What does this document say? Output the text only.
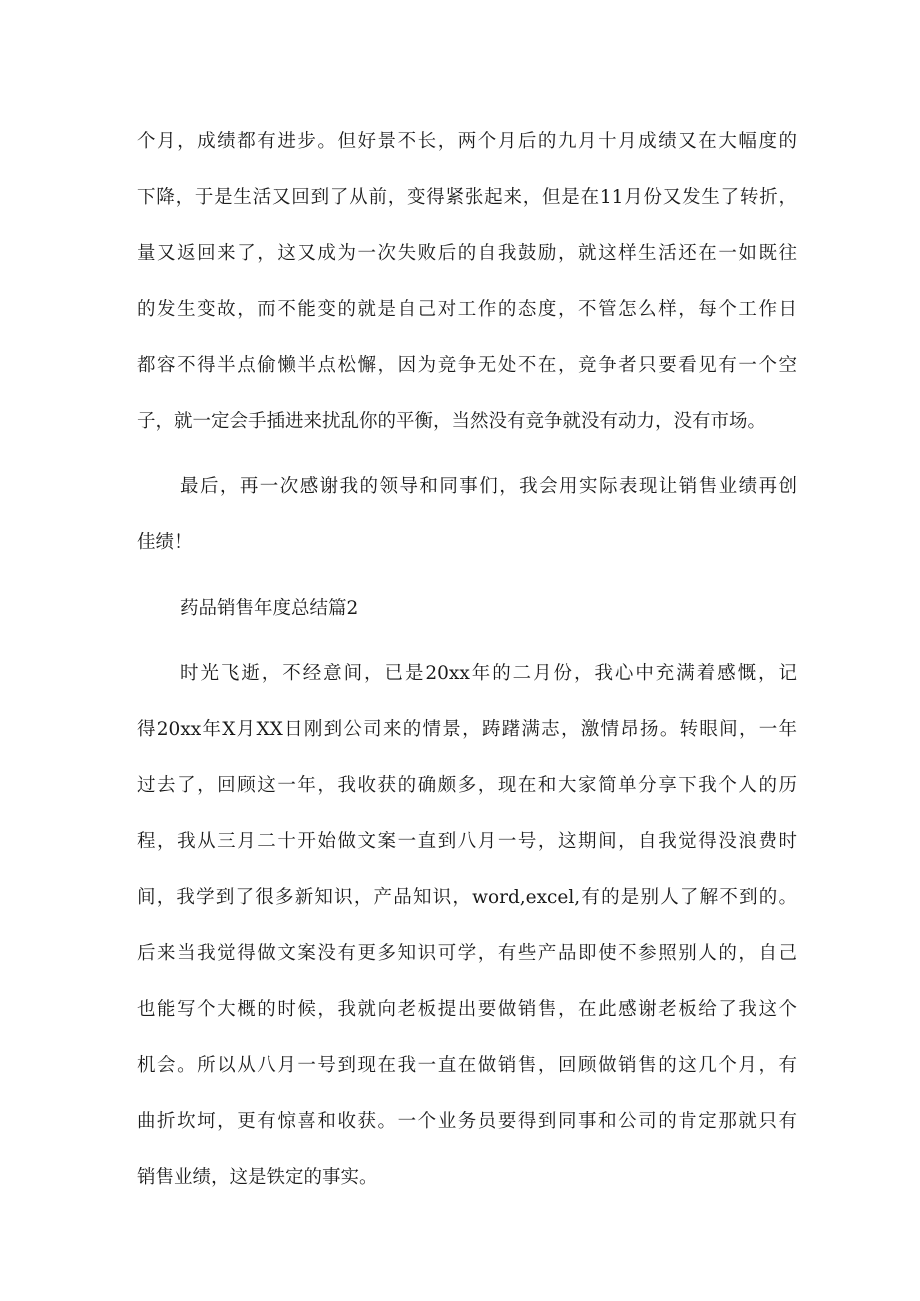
个月，成绩都有进步。但好景不长，两个月后的九月十月成绩又在大幅度的
下降，于是生活又回到了从前，变得紧张起来，但是在11月份又发生了转折，
量又返回来了，这又成为一次失败后的自我鼓励，就这样生活还在一如既往
的发生变故，而不能变的就是自己对工作的态度，不管怎么样，每个工作日
都容不得半点偷懒半点松懈，因为竞争无处不在，竞争者只要看见有一个空
子，就一定会手插进来扰乱你的平衡，当然没有竞争就没有动力，没有市场。
最后，再一次感谢我的领导和同事们，我会用实际表现让销售业绩再创
佳绩！
药品销售年度总结篇2
时光飞逝，不经意间，已是20xx年的二月份，我心中充满着感慨，记
得20xx年X月XX日刚到公司来的情景，踌躇满志，激情昂扬。转眼间，一年
过去了，回顾这一年，我收获的确颇多，现在和大家简单分享下我个人的历
程，我从三月二十开始做文案一直到八月一号，这期间，自我觉得没浪费时
间，我学到了很多新知识，产品知识，word,excel,有的是别人了解不到的。
后来当我觉得做文案没有更多知识可学，有些产品即使不参照别人的，自己
也能写个大概的时候，我就向老板提出要做销售，在此感谢老板给了我这个
机会。所以从八月一号到现在我一直在做销售，回顾做销售的这几个月，有
曲折坎坷，更有惊喜和收获。一个业务员要得到同事和公司的肯定那就只有
销售业绩，这是铁定的事实。
